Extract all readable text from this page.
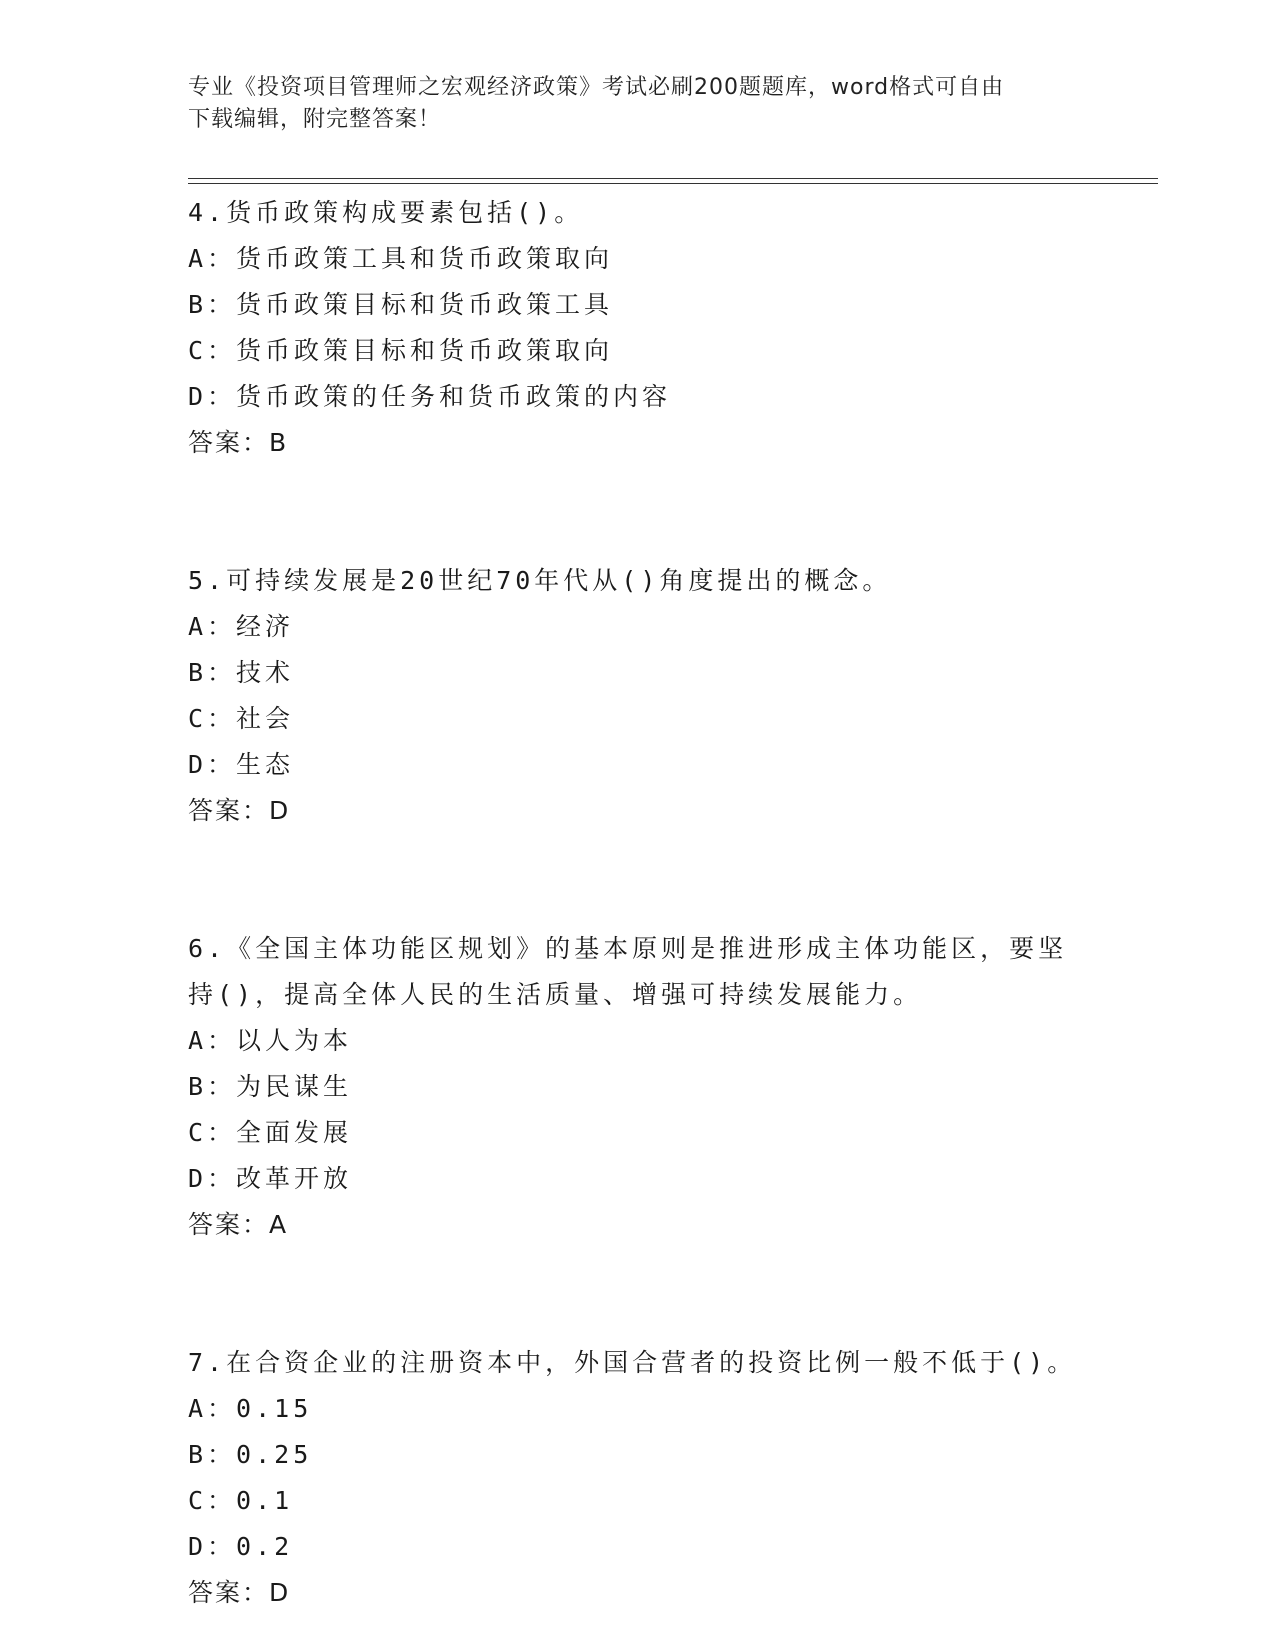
专业《投资项目管理师之宏观经济政策》考试必刷200题题库，word格式可自由
下载编辑，附完整答案！
4.货币政策构成要素包括()。
A：货币政策工具和货币政策取向
B：货币政策目标和货币政策工具
C：货币政策目标和货币政策取向
D：货币政策的任务和货币政策的内容
答案：B
5.可持续发展是20世纪70年代从()角度提出的概念。
A：经济
B：技术
C：社会
D：生态
答案：D
6.《全国主体功能区规划》的基本原则是推进形成主体功能区，要坚
持()，提高全体人民的生活质量、增强可持续发展能力。
A：以人为本
B：为民谋生
C：全面发展
D：改革开放
答案：A
7.在合资企业的注册资本中，外国合营者的投资比例一般不低于()。
A：0.15
B：0.25
C：0.1
D：0.2
答案：D
